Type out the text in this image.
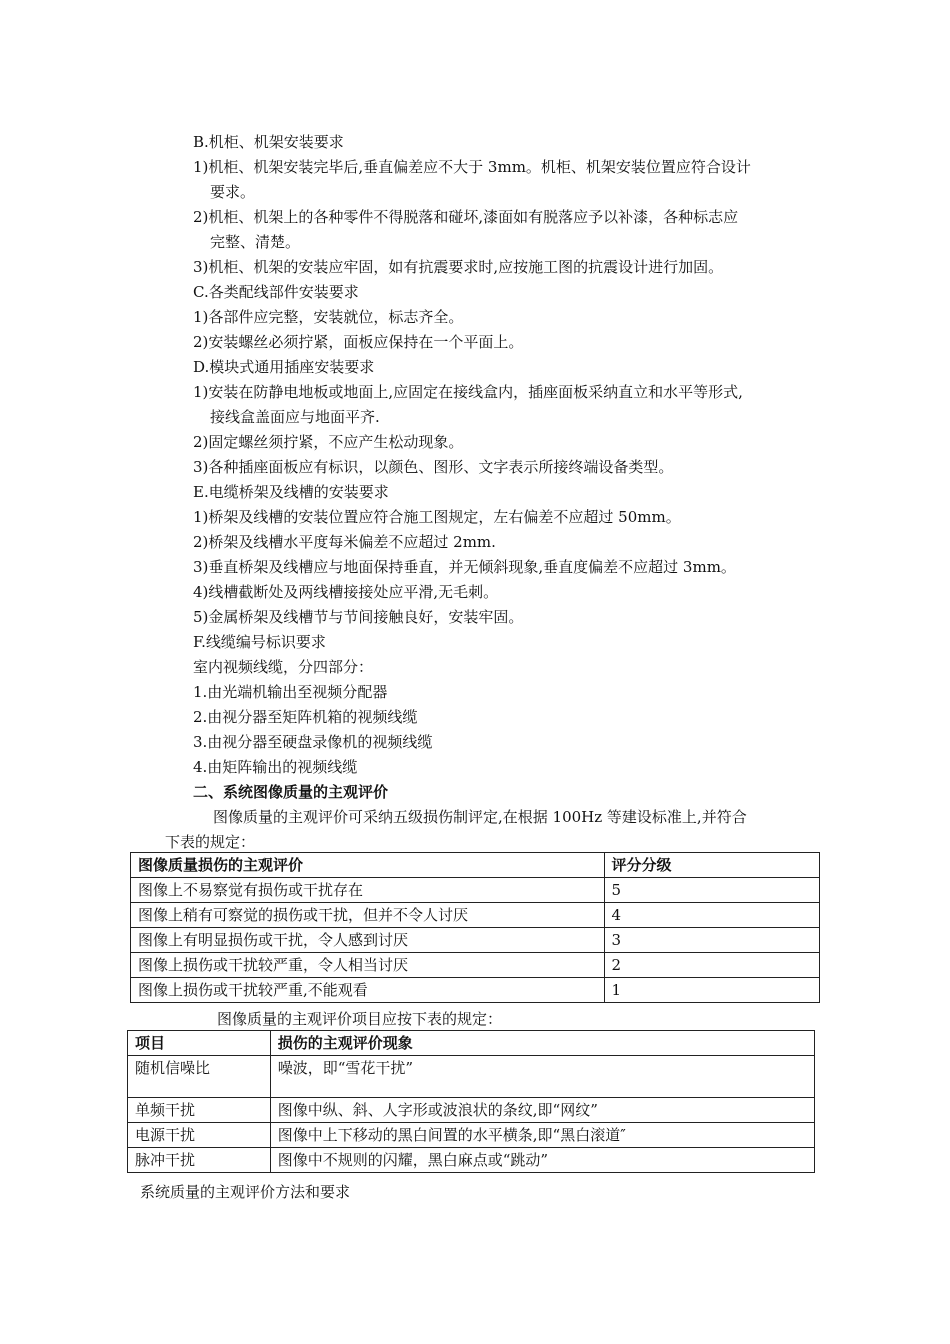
B.机柜、机架安装要求
1)机柜、机架安装完毕后,垂直偏差应不大于 3mm。机柜、机架安装位置应符合设计
要求。
2)机柜、机架上的各种零件不得脱落和碰坏,漆面如有脱落应予以补漆，各种标志应
完整、清楚。
3)机柜、机架的安装应牢固，如有抗震要求时,应按施工图的抗震设计进行加固。
C.各类配线部件安装要求
1)各部件应完整，安装就位，标志齐全。
2)安装螺丝必须拧紧，面板应保持在一个平面上。
D.模块式通用插座安装要求
1)安装在防静电地板或地面上,应固定在接线盒内，插座面板采纳直立和水平等形式,
接线盒盖面应与地面平齐.
2)固定螺丝须拧紧，不应产生松动现象。
3)各种插座面板应有标识，以颜色、图形、文字表示所接终端设备类型。
E.电缆桥架及线槽的安装要求
1)桥架及线槽的安装位置应符合施工图规定，左右偏差不应超过 50mm。
2)桥架及线槽水平度每米偏差不应超过 2mm.
3)垂直桥架及线槽应与地面保持垂直，并无倾斜现象,垂直度偏差不应超过 3mm。
4)线槽截断处及两线槽接接处应平滑,无毛刺。
5)金属桥架及线槽节与节间接触良好，安装牢固。
F.线缆编号标识要求
室内视频线缆，分四部分：
1.由光端机输出至视频分配器
2.由视分器至矩阵机箱的视频线缆
3.由视分器至硬盘录像机的视频线缆
4.由矩阵输出的视频线缆
二、系统图像质量的主观评价
图像质量的主观评价可采纳五级损伤制评定,在根据 100Hz 等建设标准上,并符合
下表的规定：
图像质量损伤的主观评价	评分分级
图像上不易察觉有损伤或干扰存在	5
图像上稍有可察觉的损伤或干扰，但并不令人讨厌	4
图像上有明显损伤或干扰，令人感到讨厌	3
图像上损伤或干扰较严重，令人相当讨厌	2
图像上损伤或干扰较严重,不能观看	1
图像质量的主观评价项目应按下表的规定：
项目	损伤的主观评价现象
随机信噪比	噪波，即“雪花干扰”
单频干扰	图像中纵、斜、人字形或波浪状的条纹,即“网纹”
电源干扰	图像中上下移动的黑白间置的水平横条,即“黑白滚道″
脉冲干扰	图像中不规则的闪耀，黑白麻点或“跳动”
系统质量的主观评价方法和要求
